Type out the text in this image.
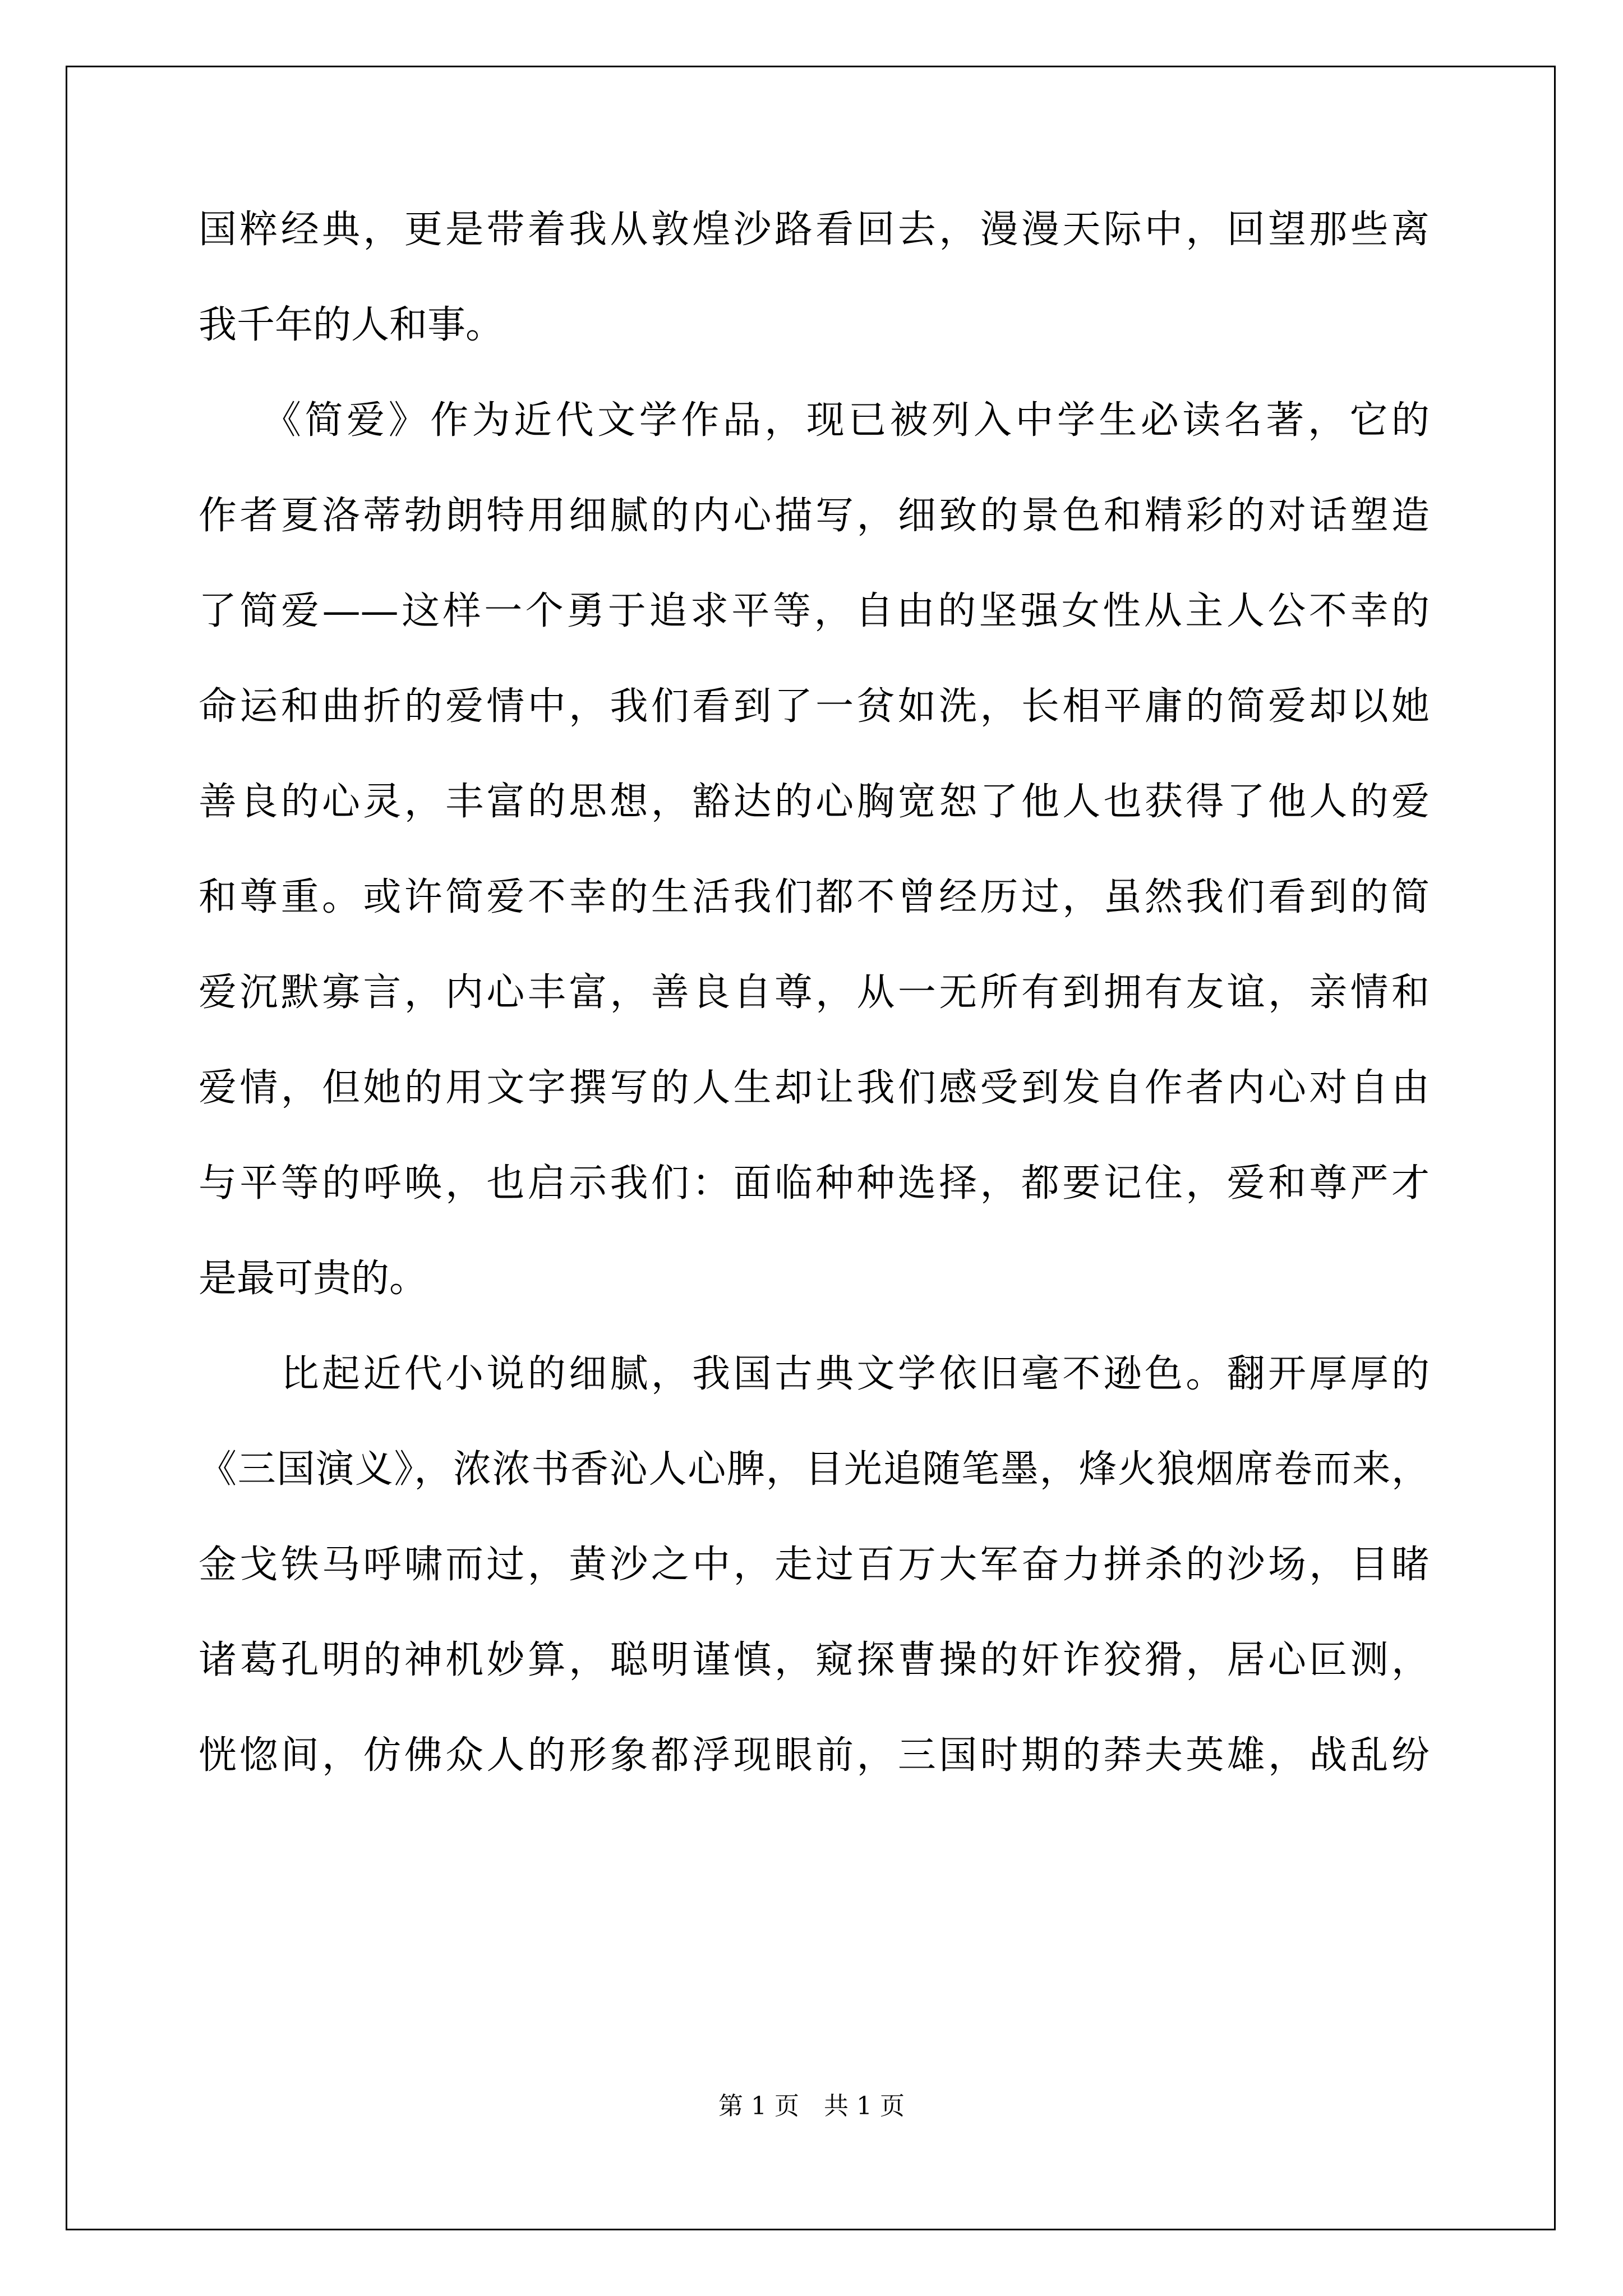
国粹经典，更是带着我从敦煌沙路看回去，漫漫天际中，回望那些离
我千年的人和事。
　　《简爱》作为近代文学作品，现已被列入中学生必读名著，它的
作者夏洛蒂勃朗特用细腻的内心描写，细致的景色和精彩的对话塑造
了简爱——这样一个勇于追求平等，自由的坚强女性从主人公不幸的
命运和曲折的爱情中，我们看到了一贫如洗，长相平庸的简爱却以她
善良的心灵，丰富的思想，豁达的心胸宽恕了他人也获得了他人的爱
和尊重。或许简爱不幸的生活我们都不曾经历过，虽然我们看到的简
爱沉默寡言，内心丰富，善良自尊，从一无所有到拥有友谊，亲情和
爱情，但她的用文字撰写的人生却让我们感受到发自作者内心对自由
与平等的呼唤，也启示我们：面临种种选择，都要记住，爱和尊严才
是最可贵的。
　　比起近代小说的细腻，我国古典文学依旧毫不逊色。翻开厚厚的
《三国演义》，浓浓书香沁人心脾，目光追随笔墨，烽火狼烟席卷而来，
金戈铁马呼啸而过，黄沙之中，走过百万大军奋力拼杀的沙场，目睹
诸葛孔明的神机妙算，聪明谨慎，窥探曹操的奸诈狡猾，居心叵测，
恍惚间，仿佛众人的形象都浮现眼前，三国时期的莽夫英雄，战乱纷
第 1 页　共 1 页
